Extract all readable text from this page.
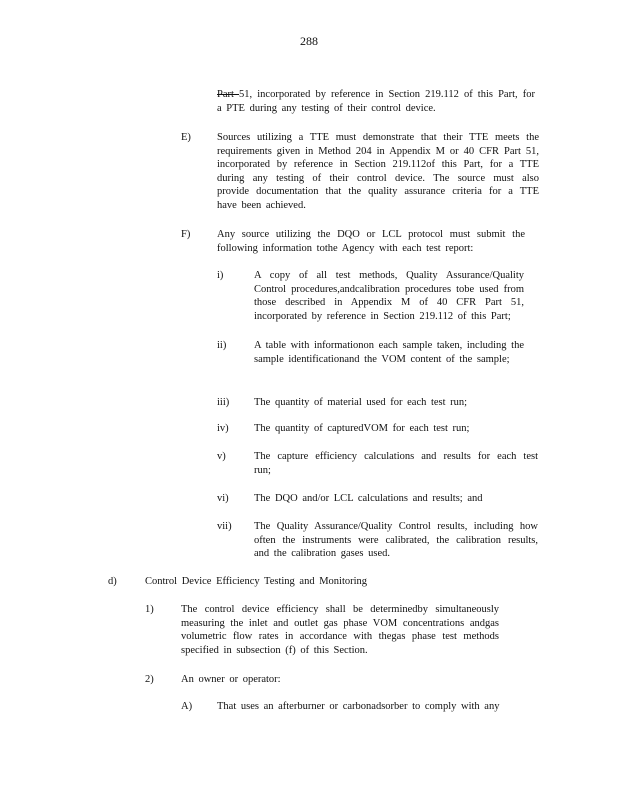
288
Part 51, incorporated by reference in Section 219.112 of this Part, for a PTE during any testing of their control device.
E) Sources utilizing a TTE must demonstrate that their TTE meets the requirements given in Method 204 in Appendix M or 40 CFR Part 51, incorporated by reference in Section 219.112of this Part, for a TTE during any testing of their control device. The source must also provide documentation that the quality assurance criteria for a TTE have been achieved.
F)	Any source utilizing the DQO or LCL protocol must submit the following information tothe Agency with each test report:
i)	A copy of all test methods, Quality Assurance/Quality Control procedures,andcalibration procedures tobe used from those described in Appendix M of 40 CFR Part 51, incorporated by reference in Section 219.112 of this Part;
ii)	A table with informationon each sample taken, including the sample identificationand the VOM content of the sample;
iii) The quantity of material used for each test run;
iv) The quantity of capturedVOM for each test run;
v)	The capture efficiency calculations and results for each test run;
vi) The DQO and/or LCL calculations and results; and
vii) The Quality Assurance/Quality Control results, including how often the instruments were calibrated, the calibration results, and the calibration gases used.
d)	Control Device Efficiency Testing and Monitoring
1)	The control device efficiency shall be determinedby simultaneously measuring the inlet and outlet gas phase VOM concentrations andgas volumetric flow rates in accordance with thegas phase test methods specified in subsection (f) of this Section.
2)	An owner or operator:
A) That uses an afterburner or carbonadsorber to comply with any
